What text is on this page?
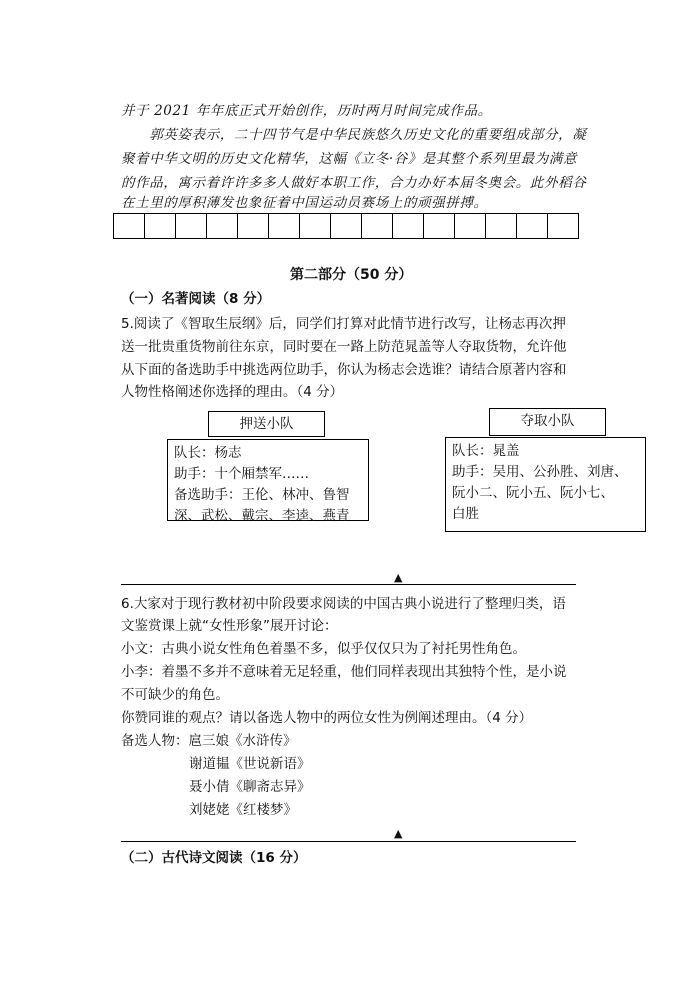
并于 2021 年年底正式开始创作，历时两月时间完成作品。
　　郭英姿表示，二十四节气是中华民族悠久历史文化的重要组成部分，凝
聚着中华文明的历史文化精华，这幅《立冬·谷》是其整个系列里最为满意
的作品，寓示着许许多多人做好本职工作，合力办好本届冬奥会。此外稻谷
在土里的厚积薄发也象征着中国运动员赛场上的顽强拼搏。
第二部分（50 分）
（一）名著阅读（8 分）
5.阅读了《智取生辰纲》后，同学们打算对此情节进行改写，让杨志再次押
送一批贵重货物前往东京，同时要在一路上防范晁盖等人夺取货物，允许他
从下面的备选助手中挑选两位助手，你认为杨志会选谁？请结合原著内容和
人物性格阐述你选择的理由。（4 分）
押送小队
队长：杨志
助手：十个厢禁军……
备选助手：王伦、林冲、鲁智
深、武松、戴宗、李逵、燕青
夺取小队
队长：晁盖
助手：吴用、公孙胜、刘唐、
阮小二、阮小五、阮小七、
白胜
▲
6.大家对于现行教材初中阶段要求阅读的中国古典小说进行了整理归类，语
文鉴赏课上就“女性形象”展开讨论：
小文：古典小说女性角色着墨不多，似乎仅仅只为了衬托男性角色。
小李：着墨不多并不意味着无足轻重，他们同样表现出其独特个性，是小说
不可缺少的角色。
你赞同谁的观点？请以备选人物中的两位女性为例阐述理由。（4 分）
备选人物：扈三娘《水浒传》
谢道韫《世说新语》
聂小倩《聊斋志异》
刘姥姥《红楼梦》
▲
（二）古代诗文阅读（16 分）
